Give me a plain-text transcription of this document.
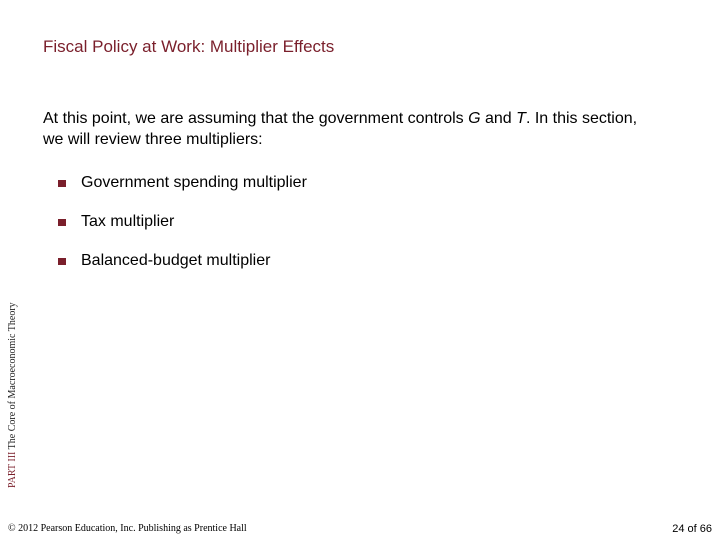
Fiscal Policy at Work: Multiplier Effects
At this point, we are assuming that the government controls G and T. In this section, we will review three multipliers:
Government spending multiplier
Tax multiplier
Balanced-budget multiplier
PART III The Core of Macroeconomic Theory
© 2012 Pearson Education, Inc. Publishing as Prentice Hall	24 of 66
